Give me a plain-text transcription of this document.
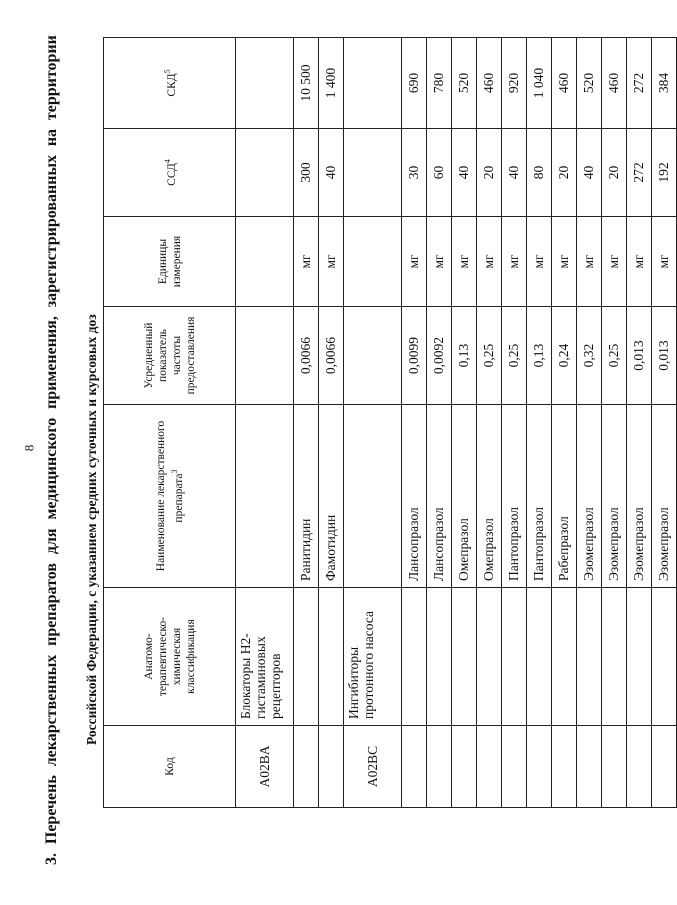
8
3.
Перечень
лекарственных
препаратов
для
медицинского
применения,
зарегистрированных
на
территории
Российской Федерации, с указанием средних суточных и курсовых доз
Код	Анатомо-терапевтическо-химическая классификация	Наименование лекарственного препарата$^3$	Усредненный показатель частоты предоставления	Единицы измерения	ССД$^4$	СКД$^5$
A02BA	Блокаторы H2-гистаминовых рецепторов					
		Ранитидин	0,0066	мг	300	10 500
		Фамотидин	0,0066	мг	40	1 400
A02BC	Ингибиторы протонного насоса					
		Лансопразол	0,0099	мг	30	690
		Лансопразол	0,0092	мг	60	780
		Омепразол	0,13	мг	40	520
		Омепразол	0,25	мг	20	460
		Пантопразол	0,25	мг	40	920
		Пантопразол	0,13	мг	80	1 040
		Рабепразол	0,24	мг	20	460
		Эзомепразол	0,32	мг	40	520
		Эзомепразол	0,25	мг	20	460
		Эзомепразол	0,013	мг	272	272
		Эзомепразол	0,013	мг	192	384
